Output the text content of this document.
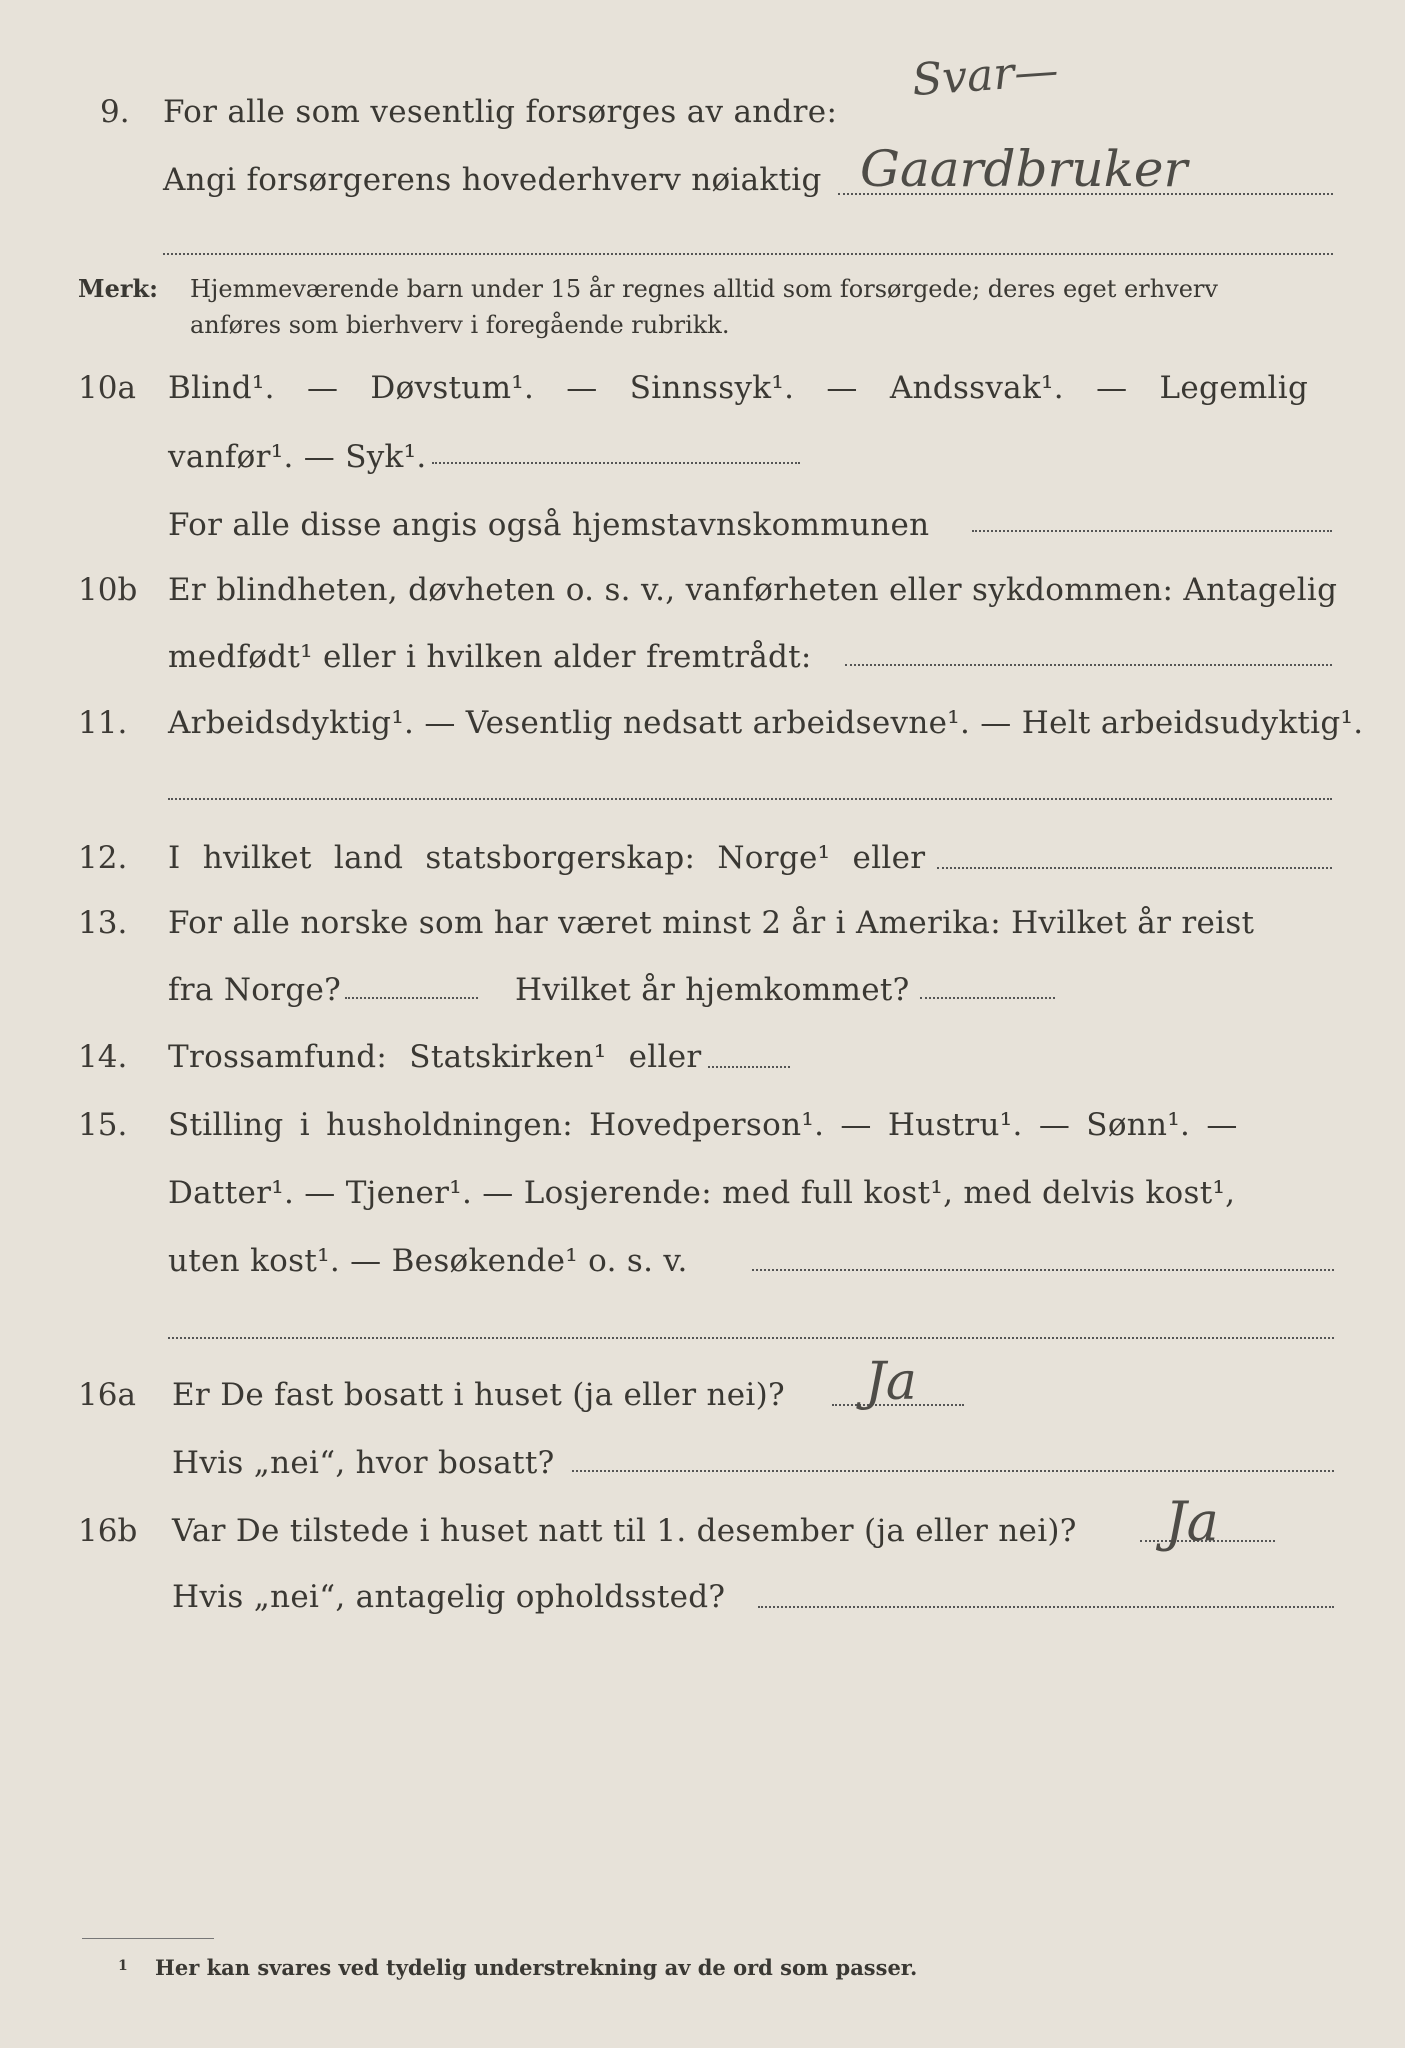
9. For alle som vesentlig forsørges av andre:
Svar—
Angi forsørgerens hovederhverv nøiaktig Gaardbruker
Merk: Hjemmeværende barn under 15 år regnes alltid som forsørgede; deres eget erhverv
anføres som bierhverv i foregående rubrikk.
10a Blind¹. — Døvstum¹. — Sinnssyk¹. — Andssvak¹. — Legemlig
vanfør¹. — Syk¹.
For alle disse angis også hjemstavnskommunen
10b Er blindheten, døvheten o. s. v., vanførheten eller sykdommen: Antagelig
medfødt¹ eller i hvilken alder fremtrådt:
11. Arbeidsdyktig¹. — Vesentlig nedsatt arbeidsevne¹. — Helt arbeidsudyktig¹.
12. I hvilket land statsborgerskap: Norge¹ eller
13. For alle norske som har været minst 2 år i Amerika: Hvilket år reist
fra Norge?	Hvilket år hjemkommet?
14. Trossamfund: Statskirken¹ eller
15. Stilling i husholdningen: Hovedperson¹. — Hustru¹. — Sønn¹. —
Datter¹. — Tjener¹. — Losjerende: med full kost¹, med delvis kost¹,
uten kost¹. — Besøkende¹ o. s. v.
16a Er De fast bosatt i huset (ja eller nei)? Ja
Hvis „nei“, hvor bosatt?
16b Var De tilstede i huset natt til 1. desember (ja eller nei)? Ja
Hvis „nei“, antagelig opholdssted?
1 Her kan svares ved tydelig understrekning av de ord som passer.
